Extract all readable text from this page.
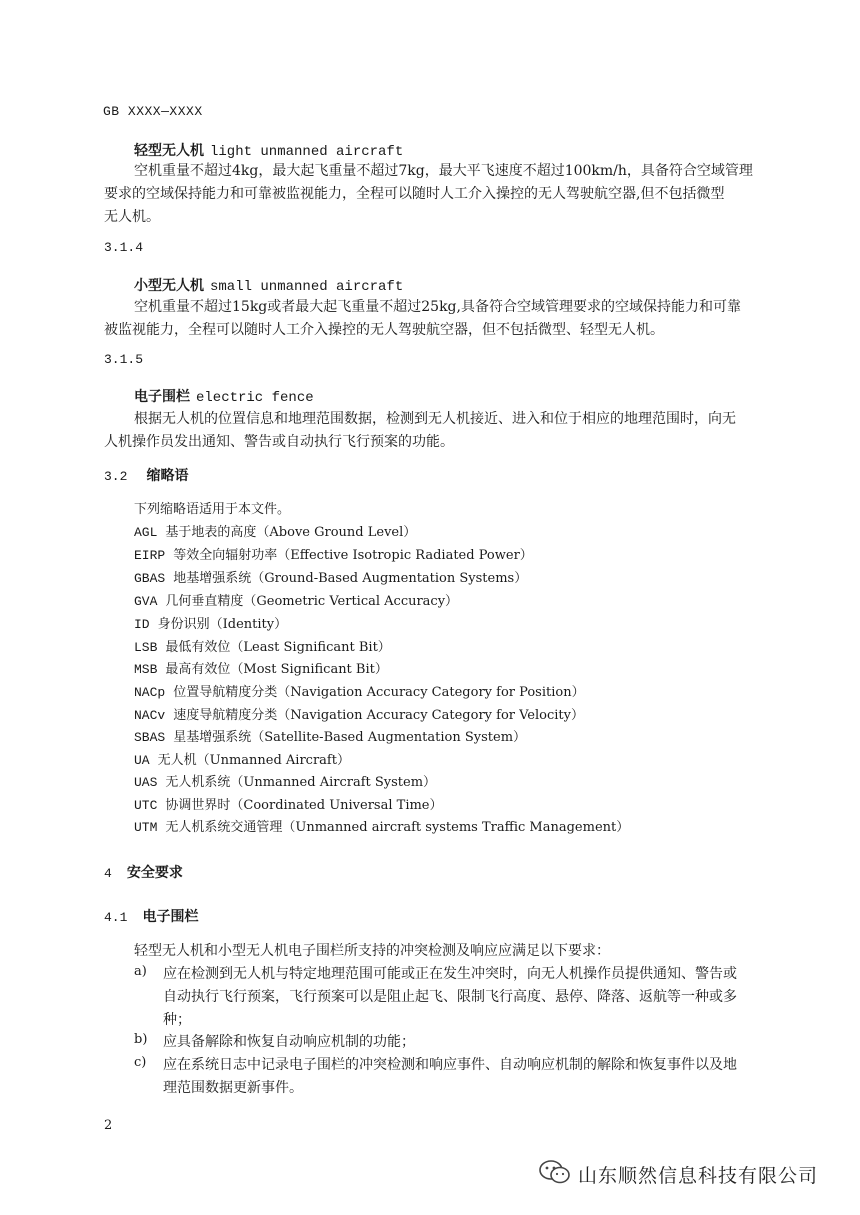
GB XXXX—XXXX
轻型无人机 light unmanned aircraft
空机重量不超过4kg，最大起飞重量不超过7kg，最大平飞速度不超过100km/h，具备符合空域管理
要求的空域保持能力和可靠被监视能力，全程可以随时人工介入操控的无人驾驶航空器,但不包括微型
无人机。
3.1.4
小型无人机 small unmanned aircraft
空机重量不超过15kg或者最大起飞重量不超过25kg,具备符合空域管理要求的空域保持能力和可靠
被监视能力，全程可以随时人工介入操控的无人驾驶航空器，但不包括微型、轻型无人机。
3.1.5
电子围栏 electric fence
根据无人机的位置信息和地理范围数据，检测到无人机接近、进入和位于相应的地理范围时，向无
人机操作员发出通知、警告或自动执行飞行预案的功能。
3.2 缩略语
下列缩略语适用于本文件。
AGL 基于地表的高度（Above Ground Level）
EIRP 等效全向辐射功率（Effective Isotropic Radiated Power）
GBAS 地基增强系统（Ground-Based Augmentation Systems）
GVA 几何垂直精度（Geometric Vertical Accuracy）
ID 身份识别（Identity）
LSB 最低有效位（Least Significant Bit）
MSB 最高有效位（Most Significant Bit）
NACp 位置导航精度分类（Navigation Accuracy Category for Position）
NACv 速度导航精度分类（Navigation Accuracy Category for Velocity）
SBAS 星基增强系统（Satellite-Based Augmentation System）
UA 无人机（Unmanned Aircraft）
UAS 无人机系统（Unmanned Aircraft System）
UTC 协调世界时（Coordinated Universal Time）
UTM 无人机系统交通管理（Unmanned aircraft systems Traffic Management）
4 安全要求
4.1 电子围栏
轻型无人机和小型无人机电子围栏所支持的冲突检测及响应应满足以下要求：
a) 应在检测到无人机与特定地理范围可能或正在发生冲突时，向无人机操作员提供通知、警告或
自动执行飞行预案，飞行预案可以是阻止起飞、限制飞行高度、悬停、降落、返航等一种或多
种；
b) 应具备解除和恢复自动响应机制的功能；
c) 应在系统日志中记录电子围栏的冲突检测和响应事件、自动响应机制的解除和恢复事件以及地
理范围数据更新事件。
2
山东顺然信息科技有限公司
